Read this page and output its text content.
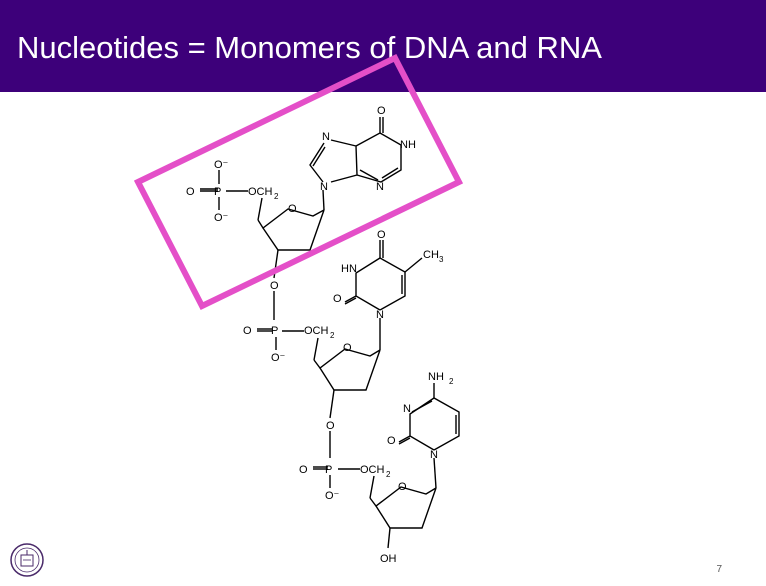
Nucleotides = Monomers of DNA and RNA
O⁻
O P
O⁻
OCH 2
O
N
N
N
NH
O
O
O P
O⁻
OCH 2
O
N
HN
O
O
CH 3
O
O P
O⁻
OCH 2
O
N
N
O
NH 2
OH
7
